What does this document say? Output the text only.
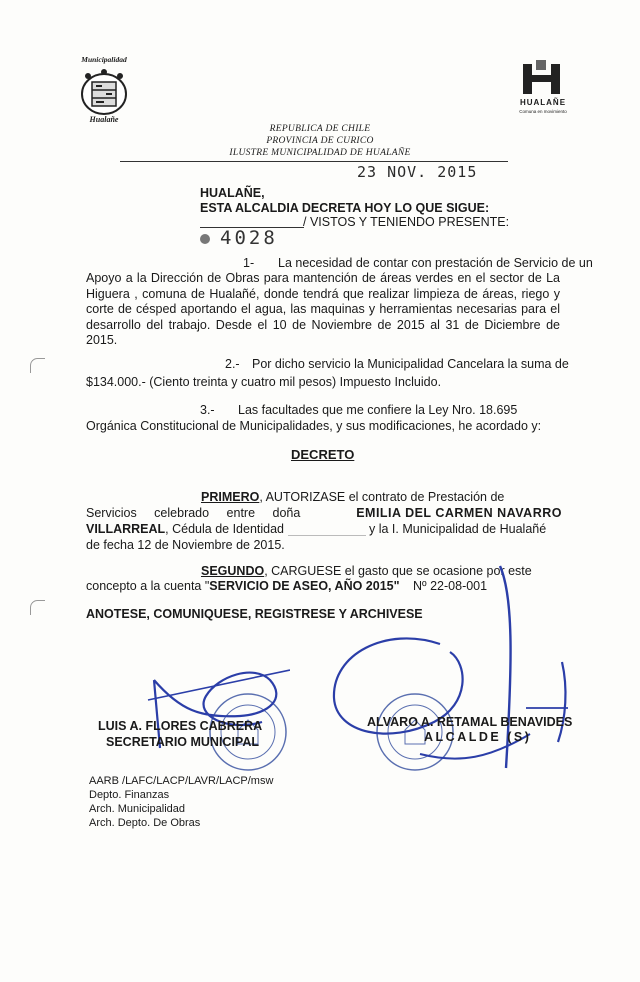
Municipalidad
Hualañe
HUALAÑE
Comuna en movimiento
REPUBLICA DE CHILE
PROVINCIA DE CURICO
ILUSTRE MUNICIPALIDAD DE HUALAÑE
23 NOV. 2015
HUALAÑE,
ESTA ALCALDIA DECRETA HOY LO QUE SIGUE:
/ VISTOS Y TENIENDO PRESENTE:
4028
1- La necesidad de contar con prestación de Servicio de un
Apoyo a la Dirección de Obras para mantención de áreas verdes en el sector de La Higuera , comuna de Hualañé, donde tendrá que realizar limpieza de áreas, riego y corte de césped aportando el agua, las maquinas y herramientas necesarias para el desarrollo del trabajo. Desde el 10 de Noviembre de 2015 al 31 de Diciembre de 2015.
2.- Por dicho servicio la Municipalidad Cancelara la suma de
$134.000.- (Ciento treinta y cuatro mil pesos) Impuesto Incluido.
3.- Las facultades que me confiere la Ley Nro. 18.695
Orgánica Constitucional de Municipalidades, y sus modificaciones, he acordado y:
DECRETO
PRIMERO, AUTORIZASE el contrato de Prestación de
Servicios celebrado entre doña	EMILIA DEL CARMEN NAVARRO
VILLARREAL, Cédula de Identidad	y la I. Municipalidad de Hualañé
de fecha 12 de Noviembre de 2015.
SEGUNDO, CARGUESE el gasto que se ocasione por este
concepto a la cuenta "SERVICIO DE ASEO, AÑO 2015" Nº 22-08-001
ANOTESE, COMUNIQUESE, REGISTRESE Y ARCHIVESE
LUIS A. FLORES CABRERA
SECRETARIO MUNICIPAL
ALVARO A. RETAMAL BENAVIDES
ALCALDE (S)
AARB /LAFC/LACP/LAVR/LACP/msw
Depto. Finanzas
Arch. Municipalidad
Arch. Depto. De Obras
